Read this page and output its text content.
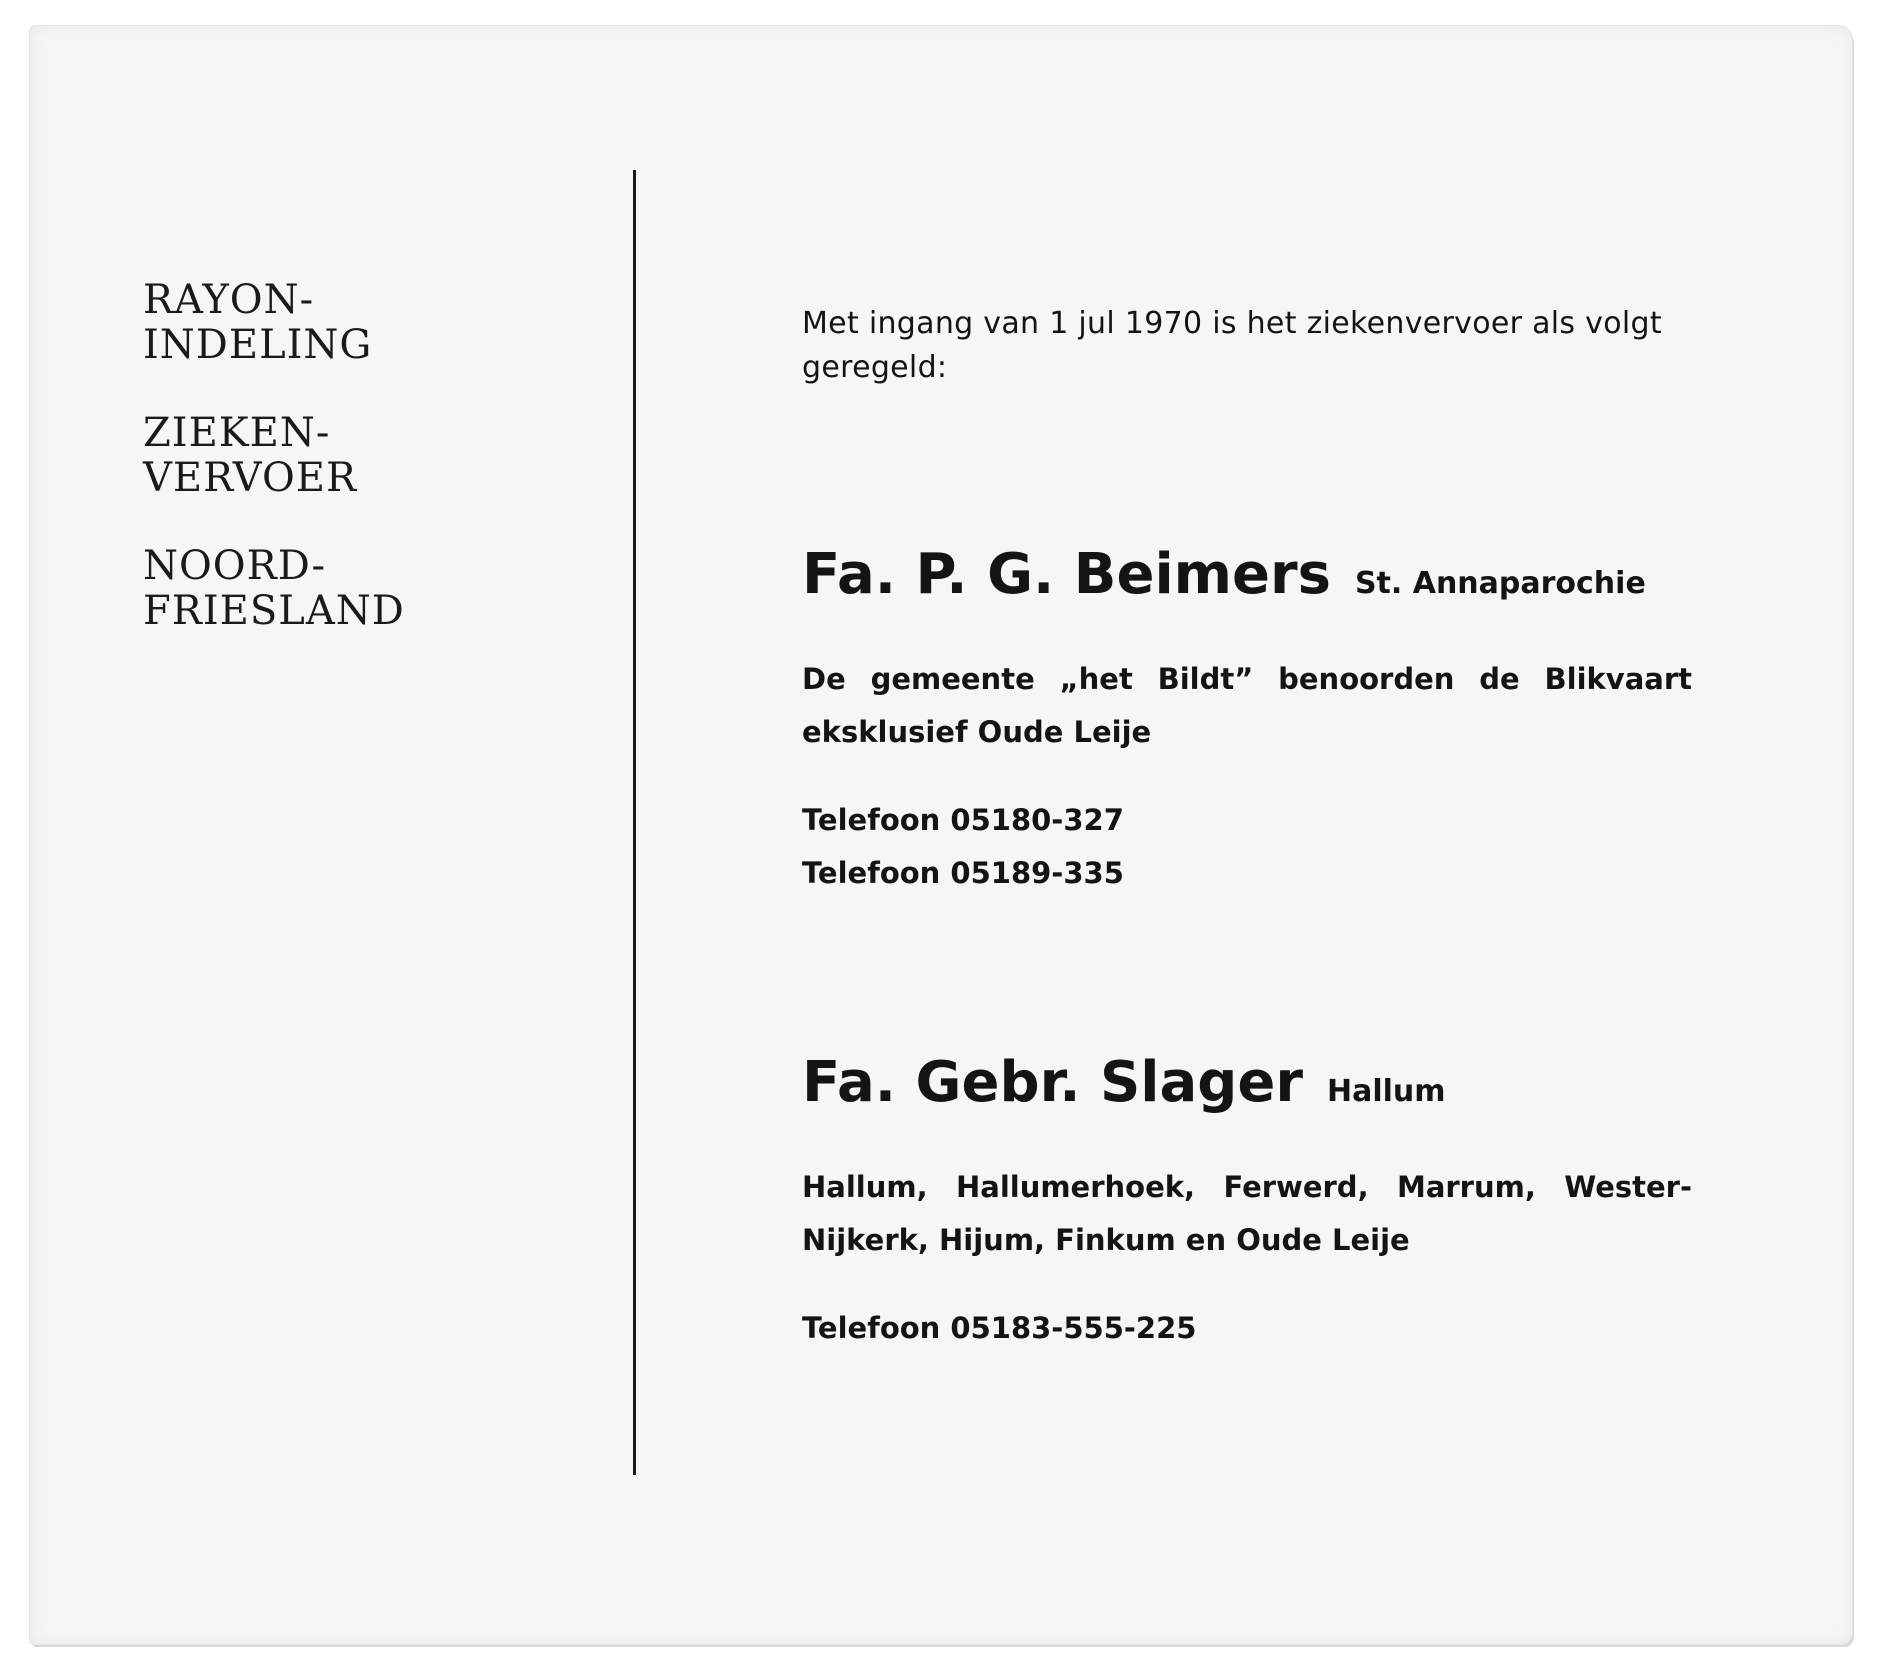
RAYON-
INDELING
ZIEKEN-
VERVOER
NOORD-
FRIESLAND
Met ingang van 1 jul 1970 is het ziekenvervoer als volgt geregeld:
Fa. P. G. Beimers St. Annaparochie
De gemeente „het Bildt” benoorden de Blikvaart eksklusief Oude Leije
Telefoon 05180-327
Telefoon 05189-335
Fa. Gebr. Slager Hallum
Hallum, Hallumerhoek, Ferwerd, Marrum, Wester-Nijkerk, Hijum, Finkum en Oude Leije
Telefoon 05183-555-225
